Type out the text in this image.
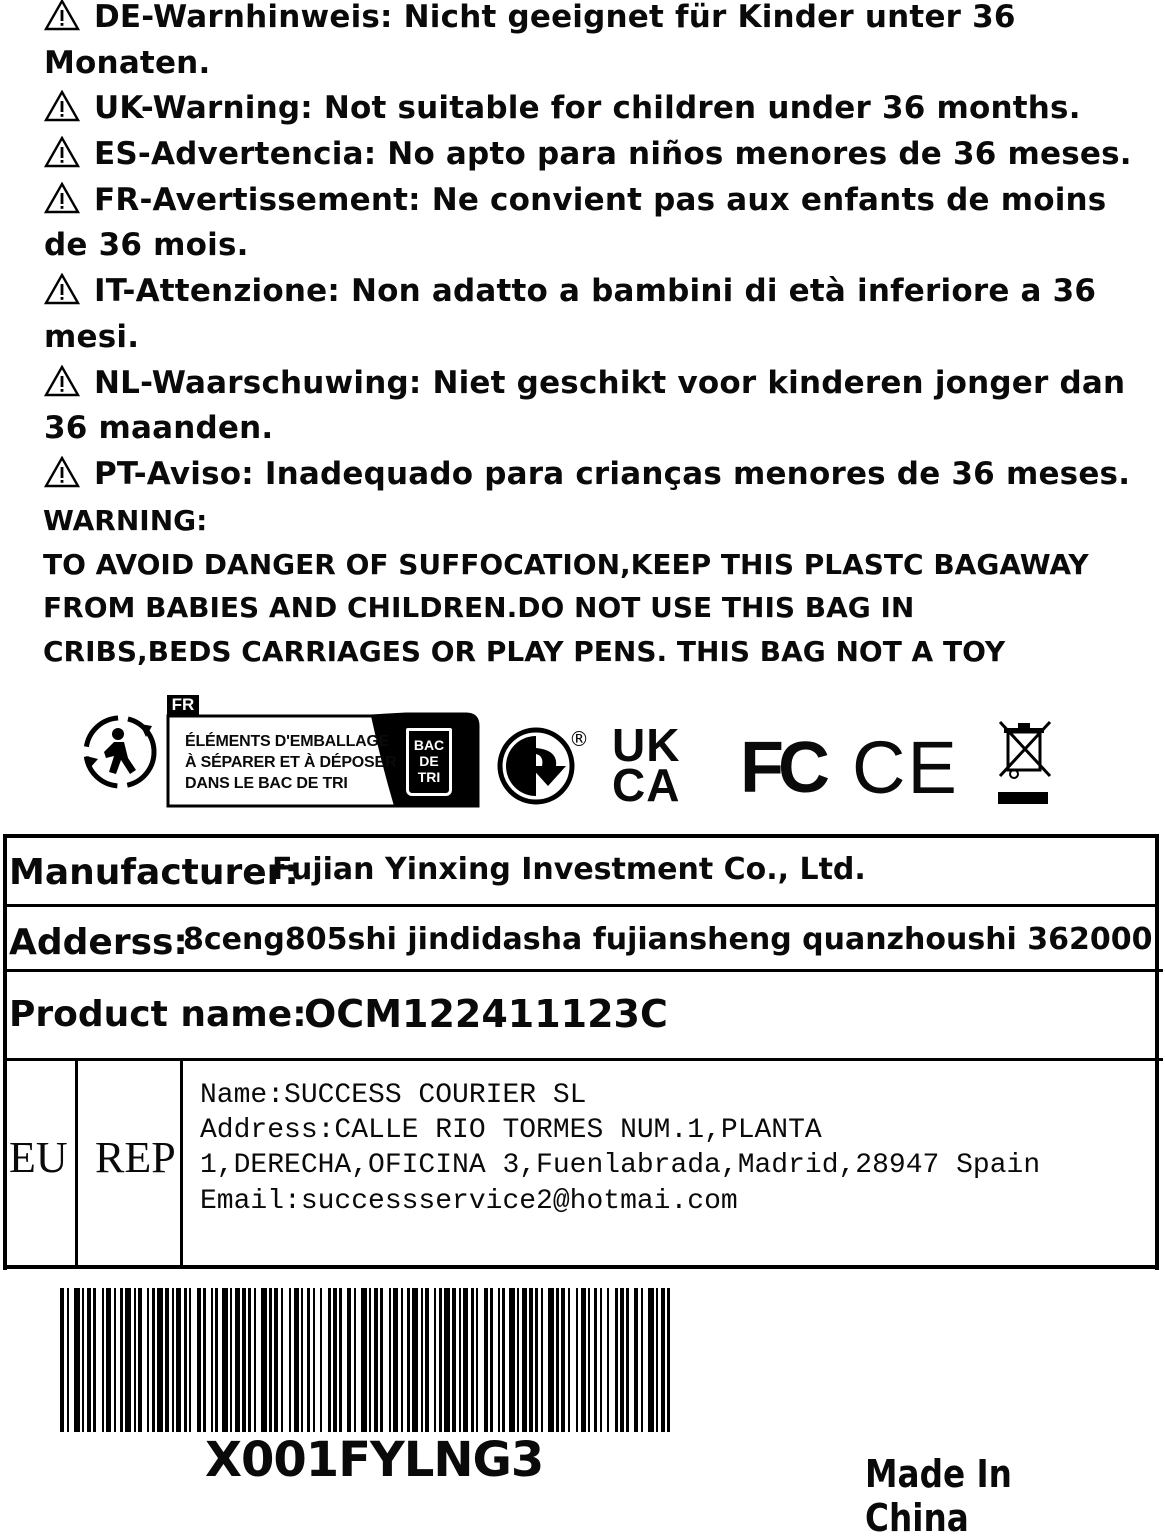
DE-Warnhinweis: Nicht geeignet für Kinder unter 36
Monaten.
UK-Warning: Not suitable for children under 36 months.
ES-Advertencia: No apto para niños menores de 36 meses.
FR-Avertissement: Ne convient pas aux enfants de moins
de 36 mois.
IT-Attenzione: Non adatto a bambini di età inferiore a 36
mesi.
NL-Waarschuwing: Niet geschikt voor kinderen jonger dan
36 maanden.
PT-Aviso: Inadequado para crianças menores de 36 meses.
WARNING:
TO AVOID DANGER OF SUFFOCATION,KEEP THIS PLASTC BAGAWAY
FROM BABIES AND CHILDREN.DO NOT USE THIS BAG IN
CRIBS,BEDS CARRIAGES OR PLAY PENS. THIS BAG NOT A TOY
FR
ÉLÉMENTS D'EMBALLAGE
À SÉPARER ET À DÉPOSER
DANS LE BAC DE TRI
BAC
DE
TRI
® UK
CA FC CE
Manufacturer:
Fujian Yinxing Investment Co., Ltd.
Adderss:
8ceng805shi jindidasha fujiansheng quanzhoushi 362000
Product name:
OCM122411123C
EU REP
Name:SUCCESS COURIER SL
Address:CALLE RIO TORMES NUM.1,PLANTA
1,DERECHA,OFICINA 3,Fuenlabrada,Madrid,28947 Spain
Email:successservice2@hotmai.com
X001FYLNG3	Made In China
